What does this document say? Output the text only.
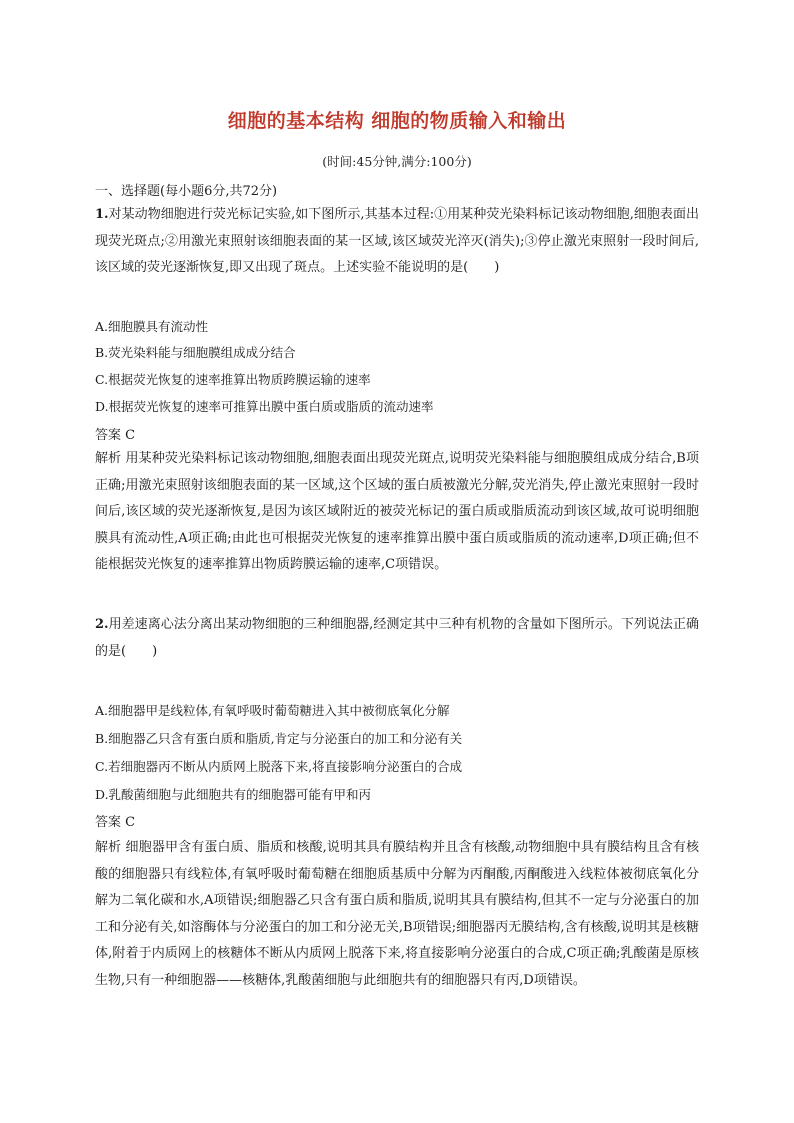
细胞的基本结构 细胞的物质输入和输出
(时间:45分钟,满分:100分)
一、选择题(每小题6分,共72分)

1.对某动物细胞进行荧光标记实验,如下图所示,其基本过程:①用某种荧光染料标记该动物细胞,细胞表面出现荧光斑点;②用激光束照射该细胞表面的某一区域,该区域荧光淬灭(消失);③停止激光束照射一段时间后,该区域的荧光逐渐恢复,即又出现了斑点。上述实验不能说明的是(　　)

A.细胞膜具有流动性
B.荧光染料能与细胞膜组成成分结合
C.根据荧光恢复的速率推算出物质跨膜运输的速率
D.根据荧光恢复的速率可推算出膜中蛋白质或脂质的流动速率
答案 C

解析 用某种荧光染料标记该动物细胞,细胞表面出现荧光斑点,说明荧光染料能与细胞膜组成成分结合,B项正确;用激光束照射该细胞表面的某一区域,这个区域的蛋白质被激光分解,荧光消失,停止激光束照射一段时间后,该区域的荧光逐渐恢复,是因为该区域附近的被荧光标记的蛋白质或脂质流动到该区域,故可说明细胞膜具有流动性,A项正确;由此也可根据荧光恢复的速率推算出膜中蛋白质或脂质的流动速率,D项正确;但不能根据荧光恢复的速率推算出物质跨膜运输的速率,C项错误。

2.用差速离心法分离出某动物细胞的三种细胞器,经测定其中三种有机物的含量如下图所示。下列说法正确的是(　　)

A.细胞器甲是线粒体,有氧呼吸时葡萄糖进入其中被彻底氧化分解
B.细胞器乙只含有蛋白质和脂质,肯定与分泌蛋白的加工和分泌有关
C.若细胞器丙不断从内质网上脱落下来,将直接影响分泌蛋白的合成
D.乳酸菌细胞与此细胞共有的细胞器可能有甲和丙
答案 C

解析 细胞器甲含有蛋白质、脂质和核酸,说明其具有膜结构并且含有核酸,动物细胞中具有膜结构且含有核酸的细胞器只有线粒体,有氧呼吸时葡萄糖在细胞质基质中分解为丙酮酸,丙酮酸进入线粒体被彻底氧化分解为二氧化碳和水,A项错误;细胞器乙只含有蛋白质和脂质,说明其具有膜结构,但其不一定与分泌蛋白的加工和分泌有关,如溶酶体与分泌蛋白的加工和分泌无关,B项错误;细胞器丙无膜结构,含有核酸,说明其是核糖体,附着于内质网上的核糖体不断从内质网上脱落下来,将直接影响分泌蛋白的合成,C项正确;乳酸菌是原核生物,只有一种细胞器——核糖体,乳酸菌细胞与此细胞共有的细胞器只有丙,D项错误。
